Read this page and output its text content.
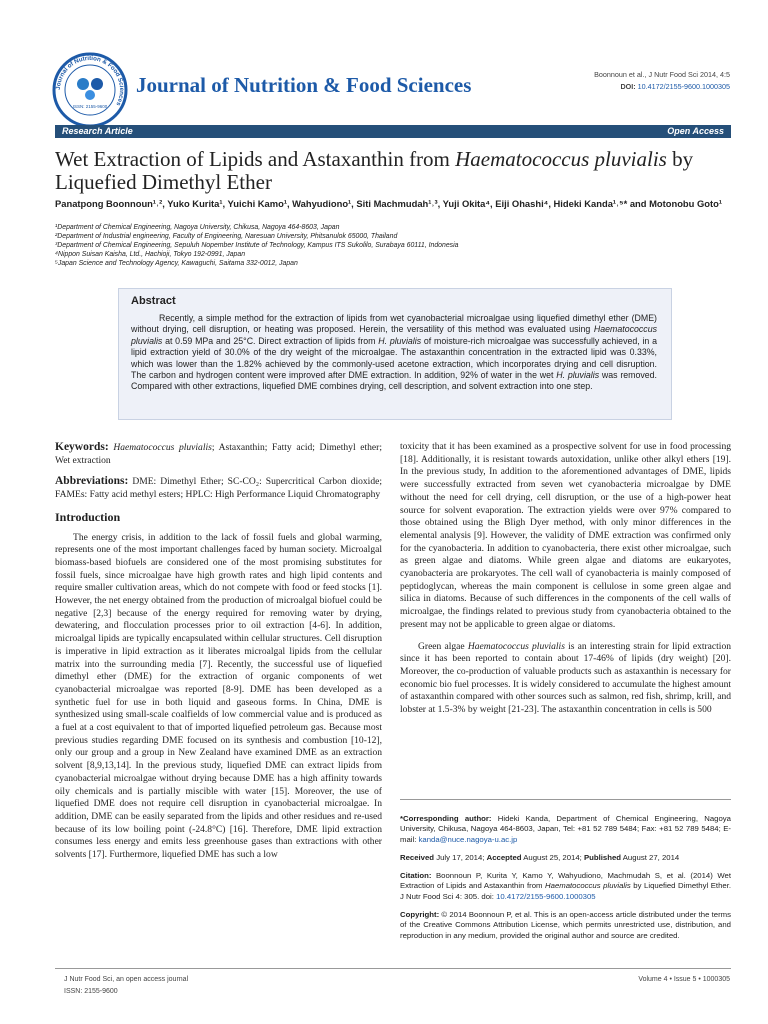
Journal of Nutrition & Food Sciences
ISSN: 2155-9600
Journal of Nutrition & Food Sciences	Boonnoun et al., J Nutr Food Sci 2014, 4:5
DOI: 10.4172/2155-9600.1000305
Research Article	Open Access
Wet Extraction of Lipids and Astaxanthin from Haematococcus pluvialis by Liquefied Dimethyl Ether
Panatpong Boonnoun¹˒², Yuko Kurita¹, Yuichi Kamo¹, Wahyudiono¹, Siti Machmudah¹˒³, Yuji Okita⁴, Eiji Ohashi⁴, Hideki Kanda¹˒⁵* and Motonobu Goto¹
¹Department of Chemical Engineering, Nagoya University, Chikusa, Nagoya 464-8603, Japan
²Department of Industrial engineering, Faculty of Engineering, Naresuan University, Phitsanulok 65000, Thailand
³Department of Chemical Engineering, Sepuluh Nopember Institute of Technology, Kampus ITS Sukolilo, Surabaya 60111, Indonesia
⁴Nippon Suisan Kaisha, Ltd., Hachioji, Tokyo 192-0991, Japan
⁵Japan Science and Technology Agency, Kawaguchi, Saitama 332-0012, Japan
Abstract
Recently, a simple method for the extraction of lipids from wet cyanobacterial microalgae using liquefied dimethyl ether (DME) without drying, cell disruption, or heating was proposed. Herein, the versatility of this method was evaluated using Haematococcus pluvialis at 0.59 MPa and 25°C. Direct extraction of lipids from H. pluvialis of moisture-rich microalgae was successfully achieved, in a lipid extraction yield of 30.0% of the dry weight of the microalgae. The astaxanthin concentration in the extracted lipid was 0.33%, which was lower than the 1.82% achieved by the commonly-used acetone extraction, which incorporates drying and cell disruption. The carbon and hydrogen content were improved after DME extraction. In addition, 92% of water in the wet H. pluvialis was removed. Compared with other extractions, liquefied DME combines drying, cell description, and solvent extraction into one step.

Keywords: Haematococcus pluvialis; Astaxanthin; Fatty acid; Dimethyl ether; Wet extraction

Abbreviations: DME: Dimethyl Ether; SC-CO₂: Supercritical Carbon dioxide; FAMEs: Fatty acid methyl esters; HPLC: High Performance Liquid Chromatography

Introduction

The energy crisis, in addition to the lack of fossil fuels and global warming, represents one of the most important challenges faced by human society. Microalgal biomass-based biofuels are considered one of the most promising substitutes for fossil fuels, since microalgae have high growth rates and high lipid contents and require smaller cultivation areas, which do not compete with food or feed stocks [1]. However, the net energy obtained from the production of microalgal biofuel could be negative [2,3] because of the energy required for removing water by drying, dewatering, and flocculation processes prior to oil extraction [4-6]. In addition, microalgal lipids are typically encapsulated within cellular structures. Cell disruption is imperative in lipid extraction as it liberates microalgal lipids from the cellular matrix into the surrounding media [7]. Recently, the successful use of liquefied dimethyl ether (DME) for the extraction of organic components of wet cyanobacterial microalgae was reported [8-9]. DME has been developed as a synthetic fuel for use in both liquid and gaseous forms. In China, DME is synthesized using small-scale coalfields of low commercial value and is produced as a fuel at a cost equivalent to that of imported liquefied petroleum gas. Because most previous studies regarding DME focused on its synthesis and combustion [10-12], only our group and a group in New Zealand have examined DME as an extraction solvent [8,9,13,14]. In the previous study, liquefied DME can extract lipids from cyanobacterial microalgae without drying because DME has a high affinity towards oily chemicals and is partially miscible with water [15]. Moreover, the use of liquefied DME does not require cell disruption in cyanobacterial microalgae. In addition, DME can be easily separated from the lipids and other residues and re-used because of its low boiling point (-24.8°C) [16]. Therefore, DME lipid extraction consumes less energy and emits less greenhouse gases than extractions with other solvents [17]. Furthermore, liquefied DME has such a low

toxicity that it has been examined as a prospective solvent for use in food processing [18]. Additionally, it is resistant towards autoxidation, unlike other alkyl ethers [19]. In the previous study, In addition to the aforementioned advantages of DME, lipids were successfully extracted from seven wet cyanobacteria microalgae by DME without the need for cell drying, cell disruption, or the use of a high-power heat source for solvent evaporation. The extraction yields were over 97% compared to those obtained using the Bligh Dyer method, with only minor differences in the elemental analysis [9]. However, the validity of DME extraction was confirmed only for the cyanobacteria. In addition to cyanobacteria, there exist other microalgae, such as green algae and diatoms. While green algae and diatoms are eukaryotes, cyanobacteria are prokaryotes. The cell wall of cyanobacteria is mainly composed of peptidoglycan, whereas the main component is cellulose in some green algae and silica in diatoms. Because of such differences in the components of the cell walls of microalgae, the findings related to previous study from cyanobacteria obtained to the present may not be applicable to green algae or diatoms.

Green algae Haematococcus pluvialis is an interesting strain for lipid extraction since it has been reported to contain about 17-46% of lipids (dry weight) [20]. Moreover, the co-production of valuable products such as astaxanthin is necessary for economic bio fuel processes. It is widely considered to accumulate the highest amount of astaxanthin compared with other sources such as salmon, red fish, shrimp, krill, and lobster at 1.5-3% by weight [21-23]. The astaxanthin concentration in cells is 500

*Corresponding author: Hideki Kanda, Department of Chemical Engineering, Nagoya University, Chikusa, Nagoya 464-8603, Japan, Tel: +81 52 789 5484; Fax: +81 52 789 5484; E-mail: kanda@nuce.nagoya-u.ac.jp

Received July 17, 2014; Accepted August 25, 2014; Published August 27, 2014

Citation: Boonnoun P, Kurita Y, Kamo Y, Wahyudiono, Machmudah S, et al. (2014) Wet Extraction of Lipids and Astaxanthin from Haematococcus pluvialis by Liquefied Dimethyl Ether. J Nutr Food Sci 4: 305. doi: 10.4172/2155-9600.1000305

Copyright: © 2014 Boonnoun P, et al. This is an open-access article distributed under the terms of the Creative Commons Attribution License, which permits unrestricted use, distribution, and reproduction in any medium, provided the original author and source are credited.

J Nutr Food Sci, an open access journal
ISSN: 2155-9600
Volume 4 • Issue 5 • 1000305
